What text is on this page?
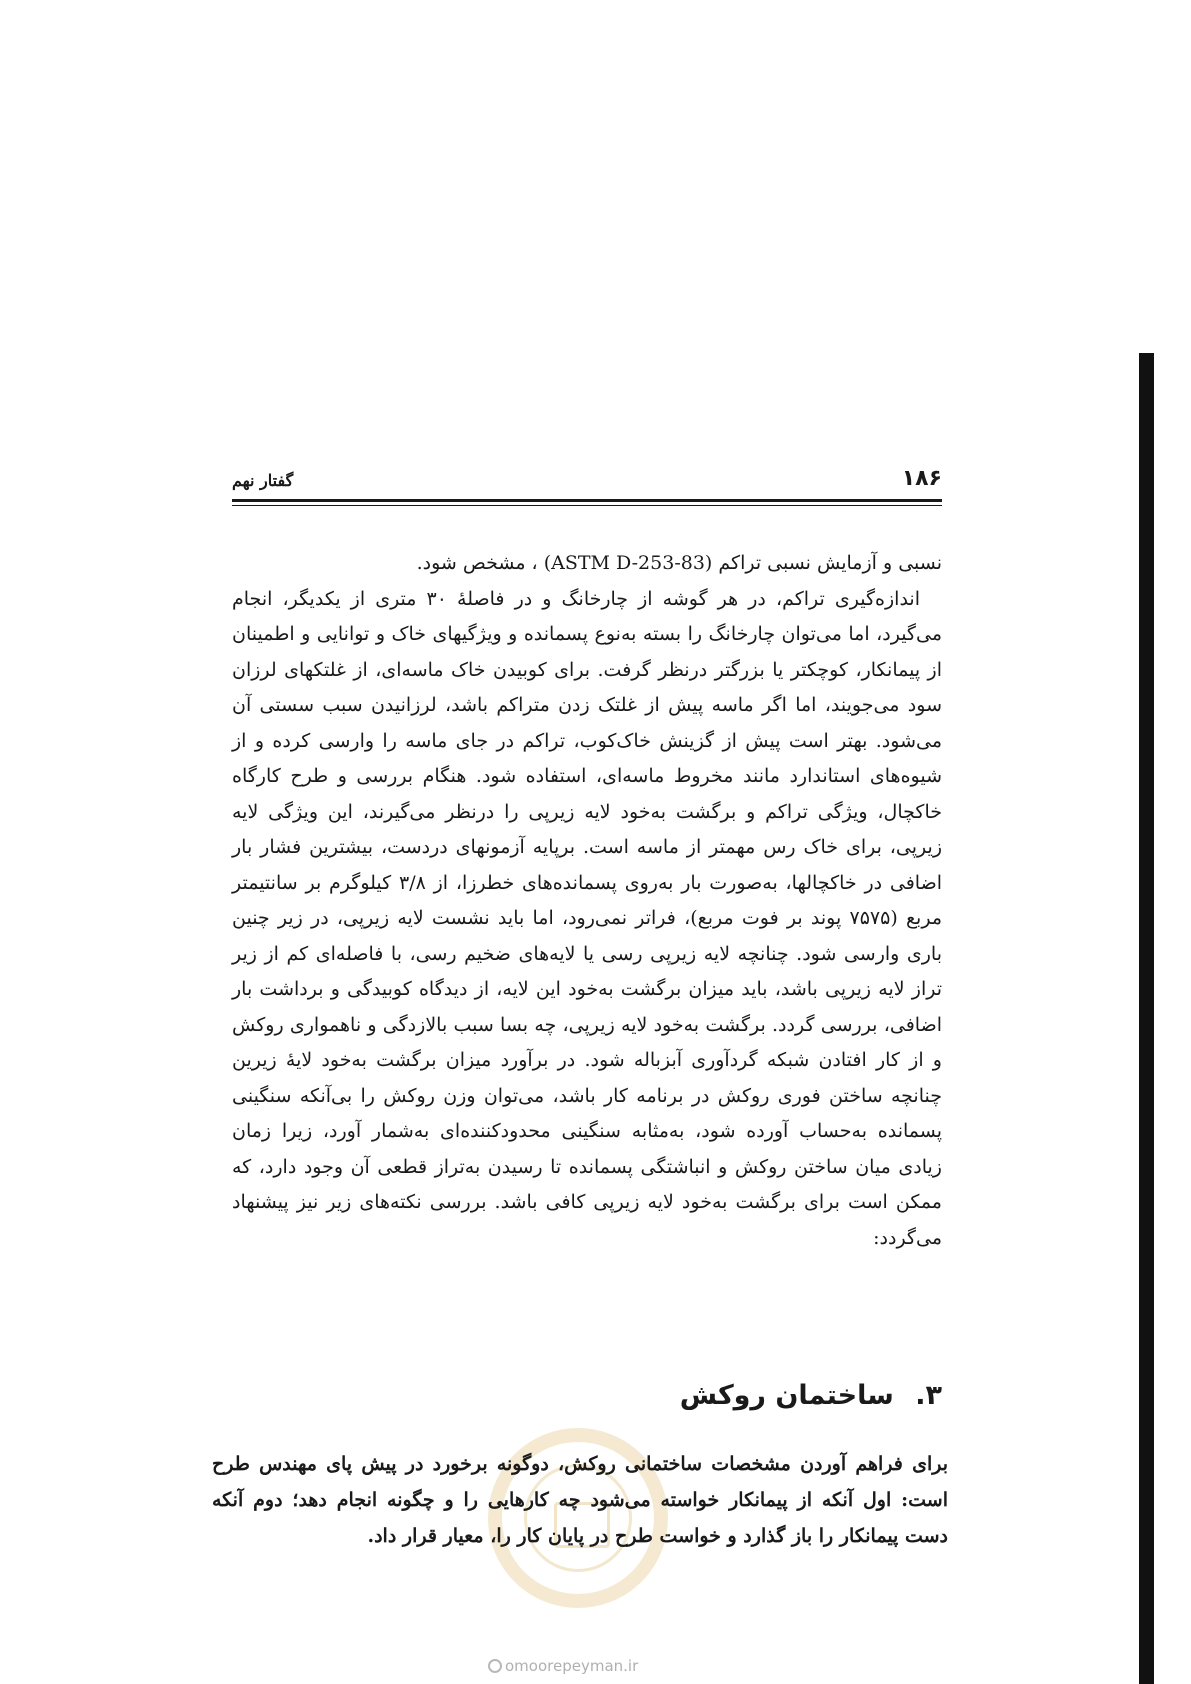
۱۸۶
گفتار نهم

نسبی و آزمایش نسبی تراکم (ASTM D-253-83) ، مشخص شود.

اندازه‌گیری تراکم، در هر گوشه از چارخانگ و در فاصلهٔ ۳۰ متری از یکدیگر، انجام می‌گیرد، اما می‌توان چارخانگ را بسته به‌نوع پسمانده و ویژگیهای خاک و توانایی و اطمینان از پیمانکار، کوچکتر یا بزرگتر درنظر گرفت. برای کوبیدن خاک ماسه‌ای، از غلتکهای لرزان سود می‌جویند، اما اگر ماسه پیش از غلتک زدن متراکم باشد، لرزانیدن سبب سستی آن می‌شود. بهتر است پیش از گزینش خاک‌کوب، تراکم در جای ماسه را وارسی کرده و از شیوه‌های استاندارد مانند مخروط ماسه‌ای، استفاده شود. هنگام بررسی و طرح کارگاه خاکچال، ویژگی تراکم و برگشت به‌خود لایه زیرپی را درنظر می‌گیرند، این ویژگی لایه زیرپی، برای خاک رس مهمتر از ماسه است. برپایه آزمونهای دردست، بیشترین فشار بار اضافی در خاکچالها، به‌صورت بار به‌روی پسمانده‌های خطرزا، از ۳/۸ کیلوگرم بر سانتیمتر مربع (۷۵۷۵ پوند بر فوت مربع)، فراتر نمی‌رود، اما باید نشست لایه زیرپی، در زیر چنین باری وارسی شود. چنانچه لایه زیرپی رسی یا لایه‌های ضخیم رسی، با فاصله‌ای کم از زیر تراز لایه زیرپی باشد، باید میزان برگشت به‌خود این لایه، از دیدگاه کوبیدگی و برداشت بار اضافی، بررسی گردد. برگشت به‌خود لایه زیرپی، چه بسا سبب بالازدگی و ناهمواری روکش و از کار افتادن شبکه گردآوری آبزباله شود. در برآورد میزان برگشت به‌خود لایهٔ زیرین چنانچه ساختن فوری روکش در برنامه کار باشد، می‌توان وزن روکش را بی‌آنکه سنگینی پسمانده به‌حساب آورده شود، به‌مثابه سنگینی محدودکننده‌ای به‌شمار آورد، زیرا زمان زیادی میان ساختن روکش و انباشتگی پسمانده تا رسیدن به‌تراز قطعی آن وجود دارد، که ممکن است برای برگشت به‌خود لایه زیرپی کافی باشد. بررسی نکته‌های زیر نیز پیشنهاد می‌گردد:

۳. ساختمان روکش

برای فراهم آوردن مشخصات ساختمانی روکش، دوگونه برخورد در پیش پای مهندس طرح است: اول آنکه از پیمانکار خواسته می‌شود چه کارهایی را و چگونه انجام دهد؛ دوم آنکه دست پیمانکار را باز گذارد و خواست طرح در پایان کار را، معیار قرار داد.

omoorepeyman.ir
